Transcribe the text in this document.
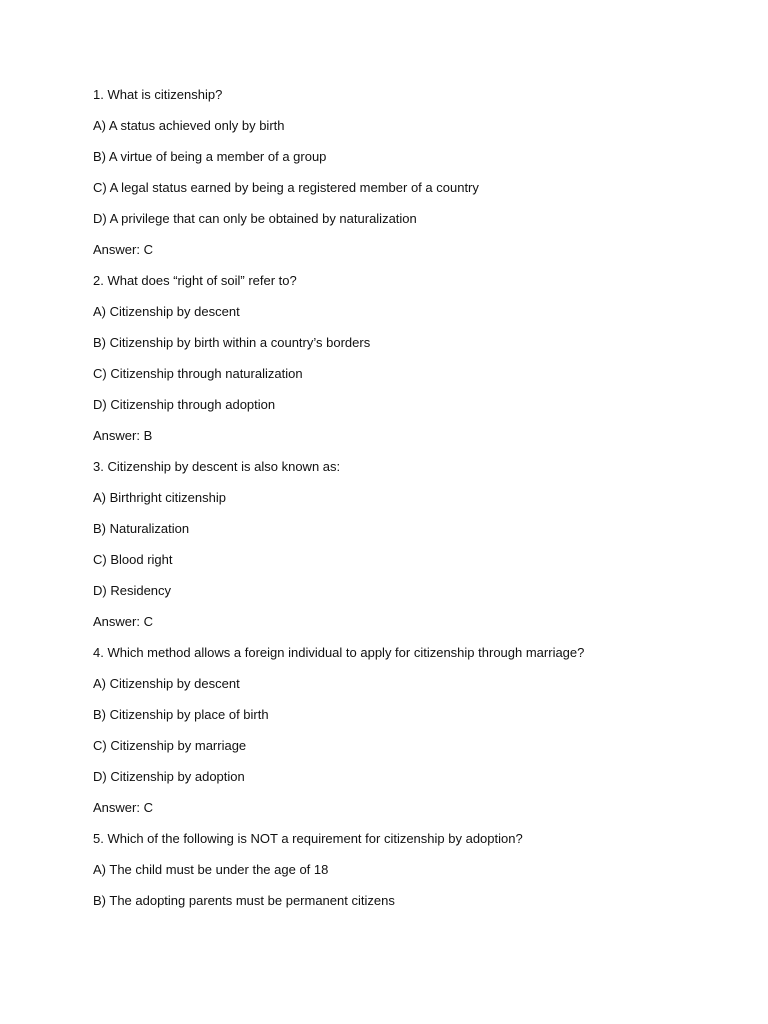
1. What is citizenship?
A) A status achieved only by birth
B) A virtue of being a member of a group
C) A legal status earned by being a registered member of a country
D) A privilege that can only be obtained by naturalization
Answer: C
2. What does “right of soil” refer to?
A) Citizenship by descent
B) Citizenship by birth within a country’s borders
C) Citizenship through naturalization
D) Citizenship through adoption
Answer: B
3. Citizenship by descent is also known as:
A) Birthright citizenship
B) Naturalization
C) Blood right
D) Residency
Answer: C
4. Which method allows a foreign individual to apply for citizenship through marriage?
A) Citizenship by descent
B) Citizenship by place of birth
C) Citizenship by marriage
D) Citizenship by adoption
Answer: C
5. Which of the following is NOT a requirement for citizenship by adoption?
A) The child must be under the age of 18
B) The adopting parents must be permanent citizens
